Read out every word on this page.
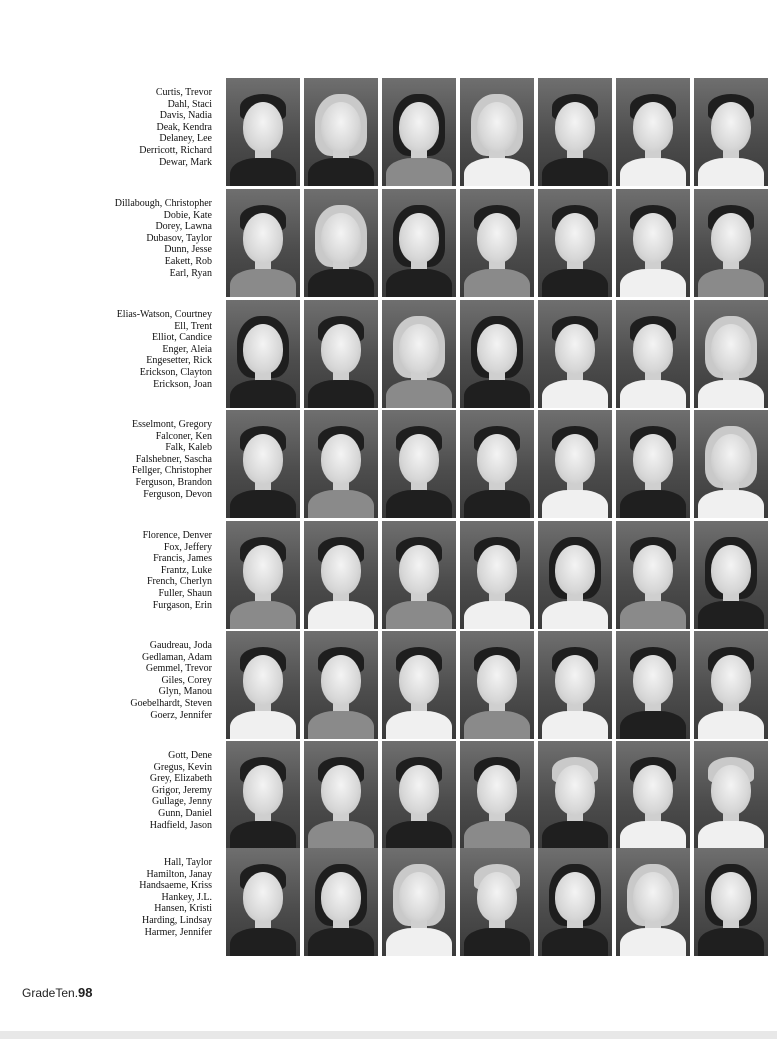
Curtis, Trevor
Dahl, Staci
Davis, Nadia
Deak, Kendra
Delaney, Lee
Derricott, Richard
Dewar, Mark
Dillabough, Christopher
Dobie, Kate
Dorey, Lawna
Dubasov, Taylor
Dunn, Jesse
Eakett, Rob
Earl, Ryan
Elias-Watson, Courtney
Ell, Trent
Elliot, Candice
Enger, Aleia
Engesetter, Rick
Erickson, Clayton
Erickson, Joan
Esselmont, Gregory
Falconer, Ken
Falk, Kaleb
Falshebner, Sascha
Fellger, Christopher
Ferguson, Brandon
Ferguson, Devon
Florence, Denver
Fox, Jeffery
Francis, James
Frantz, Luke
French, Cherlyn
Fuller, Shaun
Furgason, Erin
Gaudreau, Joda
Gedlaman, Adam
Gemmel, Trevor
Giles, Corey
Glyn, Manou
Goebelhardt, Steven
Goerz, Jennifer
Gott, Dene
Gregus, Kevin
Grey, Elizabeth
Grigor, Jeremy
Gullage, Jenny
Gunn, Daniel
Hadfield, Jason
Hall, Taylor
Hamilton, Janay
Handsaeme, Kriss
Hankey, J.L.
Hansen, Kristi
Harding, Lindsay
Harmer, Jennifer
GradeTen.98
